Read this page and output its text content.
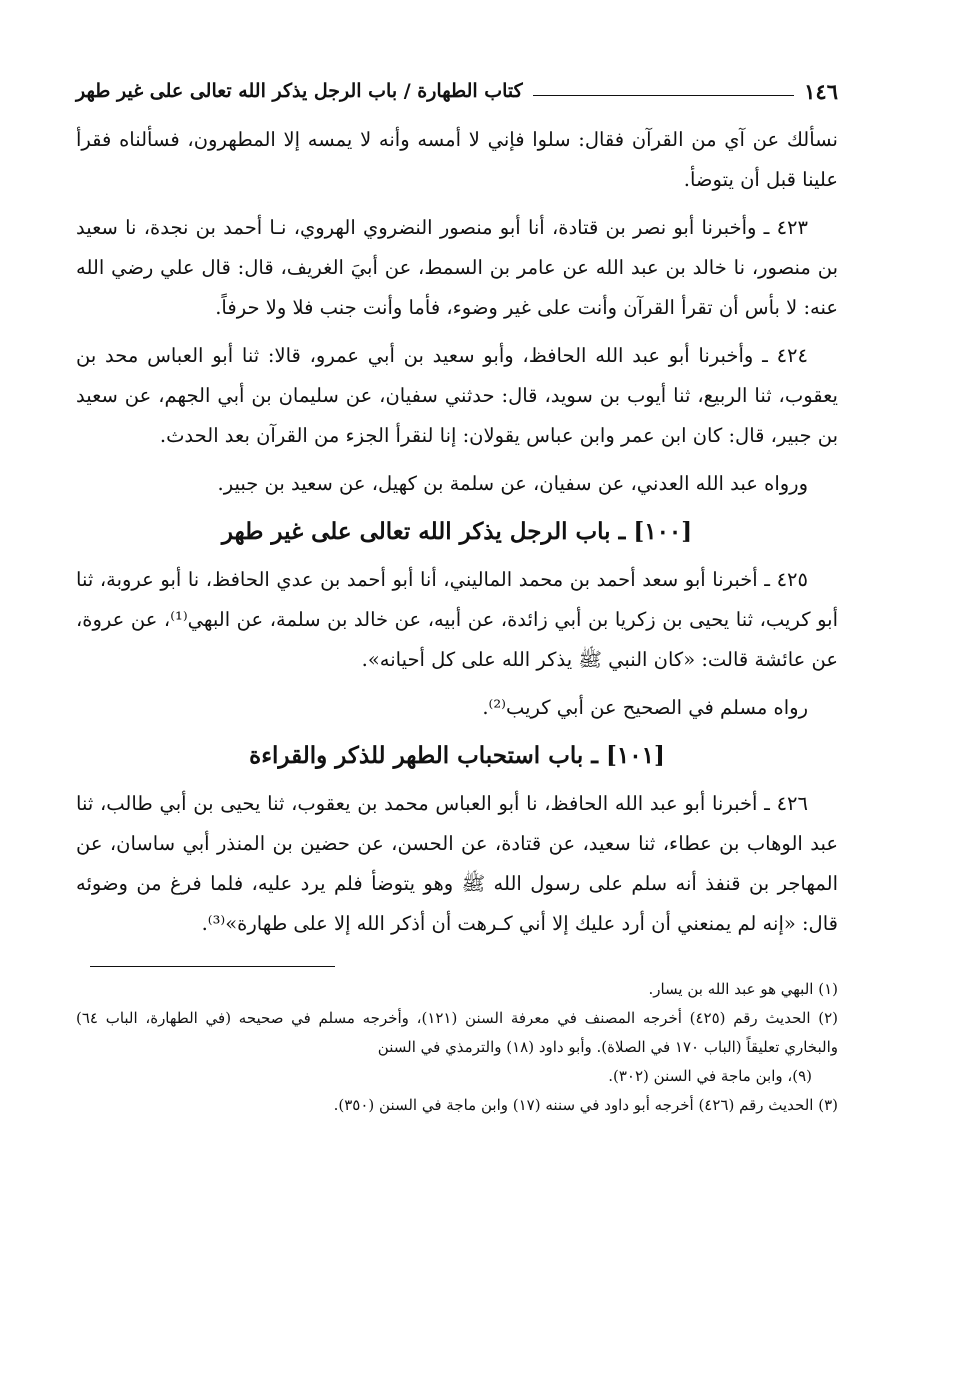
١٤٦
كتاب الطهارة / باب الرجل يذكر الله تعالى على غير طهر

نسألك عن آي من القرآن فقال: سلوا فإني لا أمسه وأنه لا يمسه إلا المطهرون، فسألناه فقرأ علينا قبل أن يتوضأ.

٤٢٣ ـ وأخبرنا أبو نصر بن قتادة، أنا أبو منصور النضروي الهروي، نـا أحمد بن نجدة، نا سعيد بن منصور، نا خالد بن عبد الله عن عامر بن السمط، عن أبيَ الغريف، قال: قال علي رضي الله عنه: لا بأس أن تقرأ القرآن وأنت على غير وضوء، فأما وأنت جنب فلا ولا حرفاً.

٤٢٤ ـ وأخبرنا أبو عبد الله الحافظ، وأبو سعيد بن أبي عمرو، قالا: ثنا أبو العباس محد بن يعقوب، ثنا الربيع، ثنا أيوب بن سويد، قال: حدثني سفيان، عن سليمان بن أبي الجهم، عن سعيد بن جبير، قال: كان ابن عمر وابن عباس يقولان: إنا لنقرأ الجزء من القرآن بعد الحدث.

ورواه عبد الله العدني، عن سفيان، عن سلمة بن كهيل، عن سعيد بن جبير.

[١٠٠] ـ باب الرجل يذكر الله تعالى على غير طهر

٤٢٥ ـ أخبرنا أبو سعد أحمد بن محمد الماليني، أنا أبو أحمد بن عدي الحافظ، نا أبو عروبة، ثنا أبو كريب، ثنا يحيى بن زكريا بن أبي زائدة، عن أبيه، عن خالد بن سلمة، عن البهي⁽¹⁾، عن عروة، عن عائشة قالت: «كان النبي ﷺ يذكر الله على كل أحيانه».

رواه مسلم في الصحيح عن أبي كريب⁽²⁾.

[١٠١] ـ باب استحباب الطهر للذكر والقراءة

٤٢٦ ـ أخبرنا أبو عبد الله الحافظ، نا أبو العباس محمد بن يعقوب، ثنا يحيى بن أبي طالب، ثنا عبد الوهاب بن عطاء، ثنا سعيد، عن قتادة، عن الحسن، عن حضين بن المنذر أبي ساسان، عن المهاجر بن قنفذ أنه سلم على رسول الله ﷺ وهو يتوضأ فلم يرد عليه، فلما فرغ من وضوئه قال: «إنه لم يمنعني أن أرد عليك إلا أني كـرهت أن أذكر الله إلا على طهارة»⁽³⁾.

(١) البهي هو عبد الله بن يسار.

(٢) الحديث رقم (٤٢٥) أخرجه المصنف في معرفة السنن (١٢١)، وأخرجه مسلم في صحيحه (في الطهارة، الباب ٦٤) والبخاري تعليقاً (الباب ١٧٠ في الصلاة). وأبو داود (١٨) والترمذي في السنن

(٩)، وابن ماجة في السنن (٣٠٢).

(٣) الحديث رقم (٤٢٦) أخرجه أبو داود في سننه (١٧) وابن ماجة في السنن (٣٥٠).
